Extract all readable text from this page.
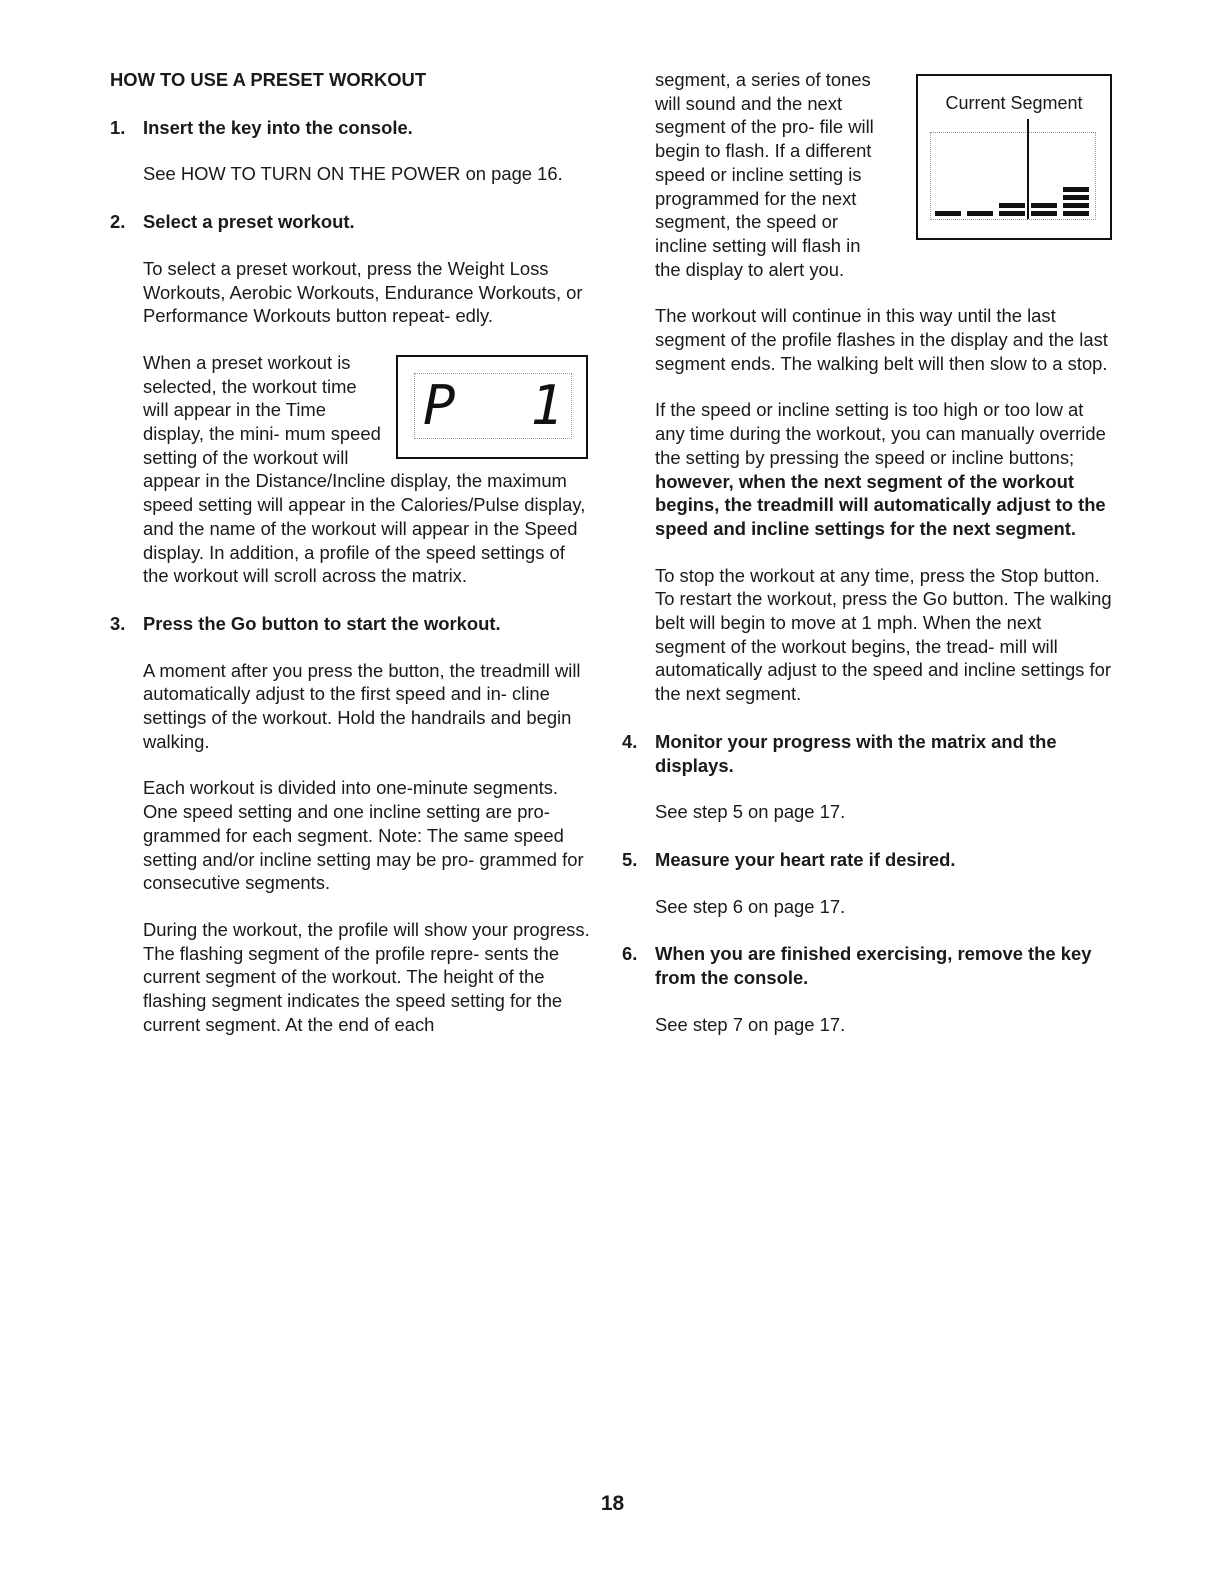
HOW TO USE A PRESET WORKOUT

1. Insert the key into the console.

See HOW TO TURN ON THE POWER on page 16.

2. Select a preset workout.

To select a preset workout, press the Weight Loss Workouts, Aerobic Workouts, Endurance Workouts, or Performance Workouts button repeat- edly.

P 1

When a preset workout is selected, the workout time will appear in the Time display, the mini- mum speed setting of the workout will appear in the Distance/Incline display, the maximum speed setting will appear in the Calories/Pulse display, and the name of the workout will appear in the Speed display. In addition, a profile of the speed settings of the workout will scroll across the matrix.

3. Press the Go button to start the workout.

A moment after you press the button, the treadmill will automatically adjust to the first speed and in- cline settings of the workout. Hold the handrails and begin walking.

Each workout is divided into one-minute segments. One speed setting and one incline setting are pro- grammed for each segment. Note: The same speed setting and/or incline setting may be pro- grammed for consecutive segments.

During the workout, the profile will show your progress. The flashing segment of the profile repre- sents the current segment of the workout. The height of the flashing segment indicates the speed setting for the current segment. At the end of each

Current Segment

segment, a series of tones will sound and the next segment of the pro- file will begin to flash. If a different speed or incline setting is programmed for the next segment, the speed or incline setting will flash in the display to alert you.

The workout will continue in this way until the last segment of the profile flashes in the display and the last segment ends. The walking belt will then slow to a stop.

If the speed or incline setting is too high or too low at any time during the workout, you can manually override the setting by pressing the speed or incline buttons; however, when the next segment of the workout begins, the treadmill will automatically adjust to the speed and incline settings for the next segment.

To stop the workout at any time, press the Stop button. To restart the workout, press the Go button. The walking belt will begin to move at 1 mph. When the next segment of the workout begins, the tread- mill will automatically adjust to the speed and incline settings for the next segment.

4. Monitor your progress with the matrix and the displays.

See step 5 on page 17.

5. Measure your heart rate if desired.

See step 6 on page 17.

6. When you are finished exercising, remove the key from the console.

See step 7 on page 17.

18
